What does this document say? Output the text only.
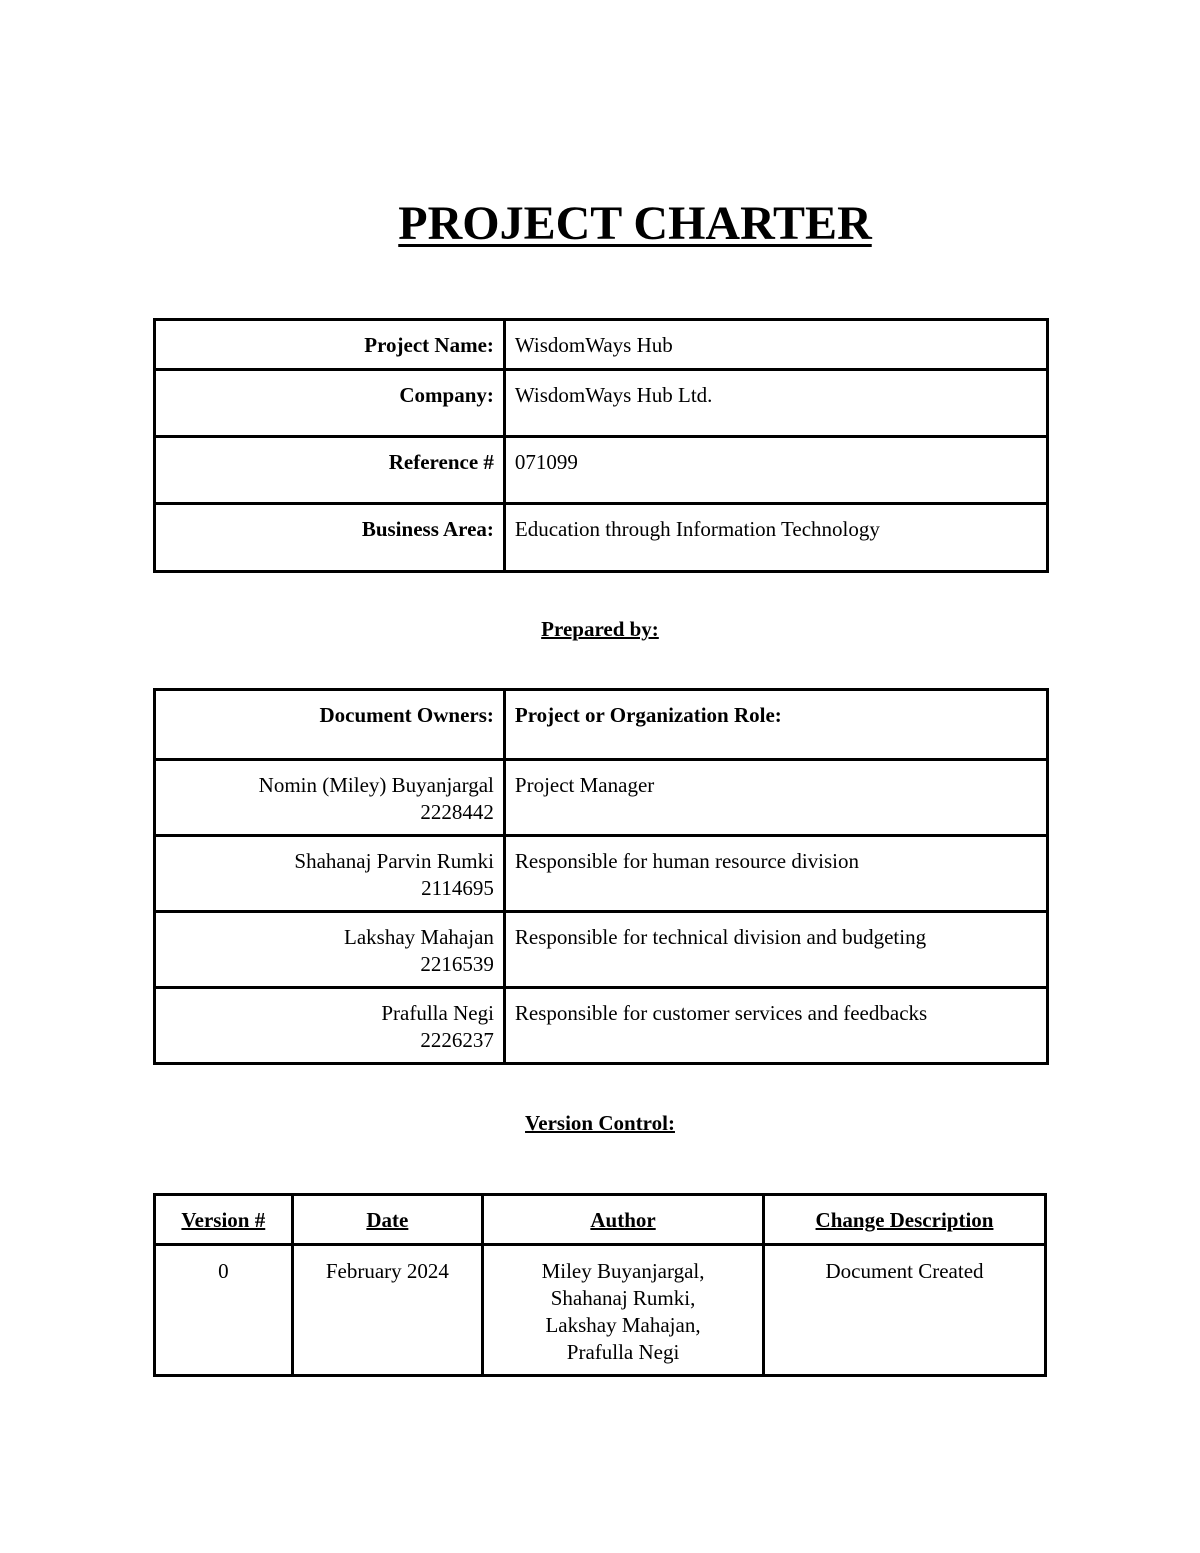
PROJECT CHARTER
Project Name:	WisdomWays Hub
Company:	WisdomWays Hub Ltd.
Reference #	071099
Business Area:	Education through Information Technology
Prepared by:
Document Owners:	Project or Organization Role:

Nomin (Miley) Buyanjargal
2228442	Project Manager

Shahanaj Parvin Rumki
2114695	Responsible for human resource division

Lakshay Mahajan
2216539	Responsible for technical division and budgeting

Prafulla Negi
2226237	Responsible for customer services and feedbacks
Version Control:
Version #	Date	Author	Change Description
0	February 2024	Miley Buyanjargal,
Shahanaj Rumki,
Lakshay Mahajan,
Prafulla Negi	Document Created
